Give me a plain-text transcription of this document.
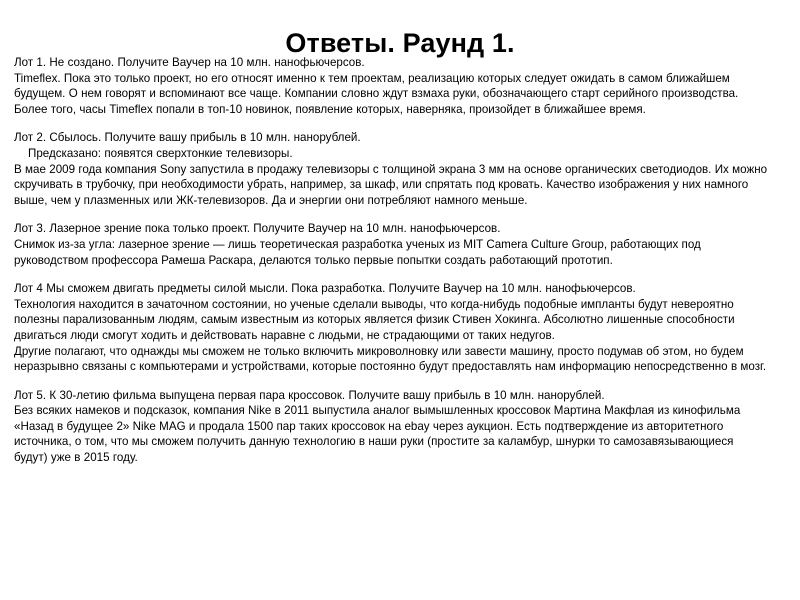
Ответы. Раунд 1.

Лот 1. Не создано. Получите Ваучер на 10 млн. нанофьючерсов.

Timeflex. Пока это только проект, но его относят именно к тем проектам, реализацию которых следует ожидать в самом ближайшем будущем. О нем говорят и вспоминают все чаще. Компании словно ждут взмаха руки, обозначающего старт серийного производства. Более того, часы Timeflex попали в топ-10 новинок, появление которых, наверняка, произойдет в ближайшее время.

Лот 2. Сбылось. Получите вашу прибыль в 10 млн. нанорублей.

Предсказано: появятся сверхтонкие телевизоры.

В мае 2009 года компания Sony запустила в продажу телевизоры с толщиной экрана 3 мм на основе органических светодиодов. Их можно скручивать в трубочку, при необходимости убрать, например, за шкаф, или спрятать под кровать. Качество изображения у них намного выше, чем у плазменных или ЖК-телевизоров. Да и энергии они потребляют намного меньше.

Лот 3. Лазерное зрение пока только проект. Получите Ваучер на 10 млн. нанофьючерсов.

Снимок из-за угла: лазерное зрение — лишь теоретическая разработка ученых из MIT Camera Culture Group, работающих под руководством профессора Рамеша Раскара, делаются только первые попытки создать работающий прототип.

Лот 4 Мы сможем двигать предметы силой мысли. Пока разработка. Получите Ваучер на 10 млн. нанофьючерсов.

Технология находится в зачаточном состоянии, но ученые сделали выводы, что когда-нибудь подобные импланты будут невероятно полезны парализованным людям, самым известным из которых является физик Стивен Хокинга. Абсолютно лишенные способности двигаться люди смогут ходить и действовать наравне с людьми, не страдающими от таких недугов.

Другие полагают, что однажды мы сможем не только включить микроволновку или завести машину, просто подумав об этом, но будем неразрывно связаны с компьютерами и устройствами, которые постоянно будут предоставлять нам информацию непосредственно в мозг.

Лот 5. К 30-летию фильма выпущена первая пара кроссовок. Получите вашу прибыль в 10 млн. нанорублей.

Без всяких намеков и подсказок, компания Nike в 2011 выпустила аналог вымышленных кроссовок Мартина Макфлая из кинофильма «Назад в будущее 2» Nike MAG и продала 1500 пар таких кроссовок на ebay через аукцион. Есть подтверждение из авторитетного источника, о том, что мы сможем получить данную технологию в наши руки (простите за каламбур, шнурки то самозавязывающиеся будут) уже в 2015 году.
